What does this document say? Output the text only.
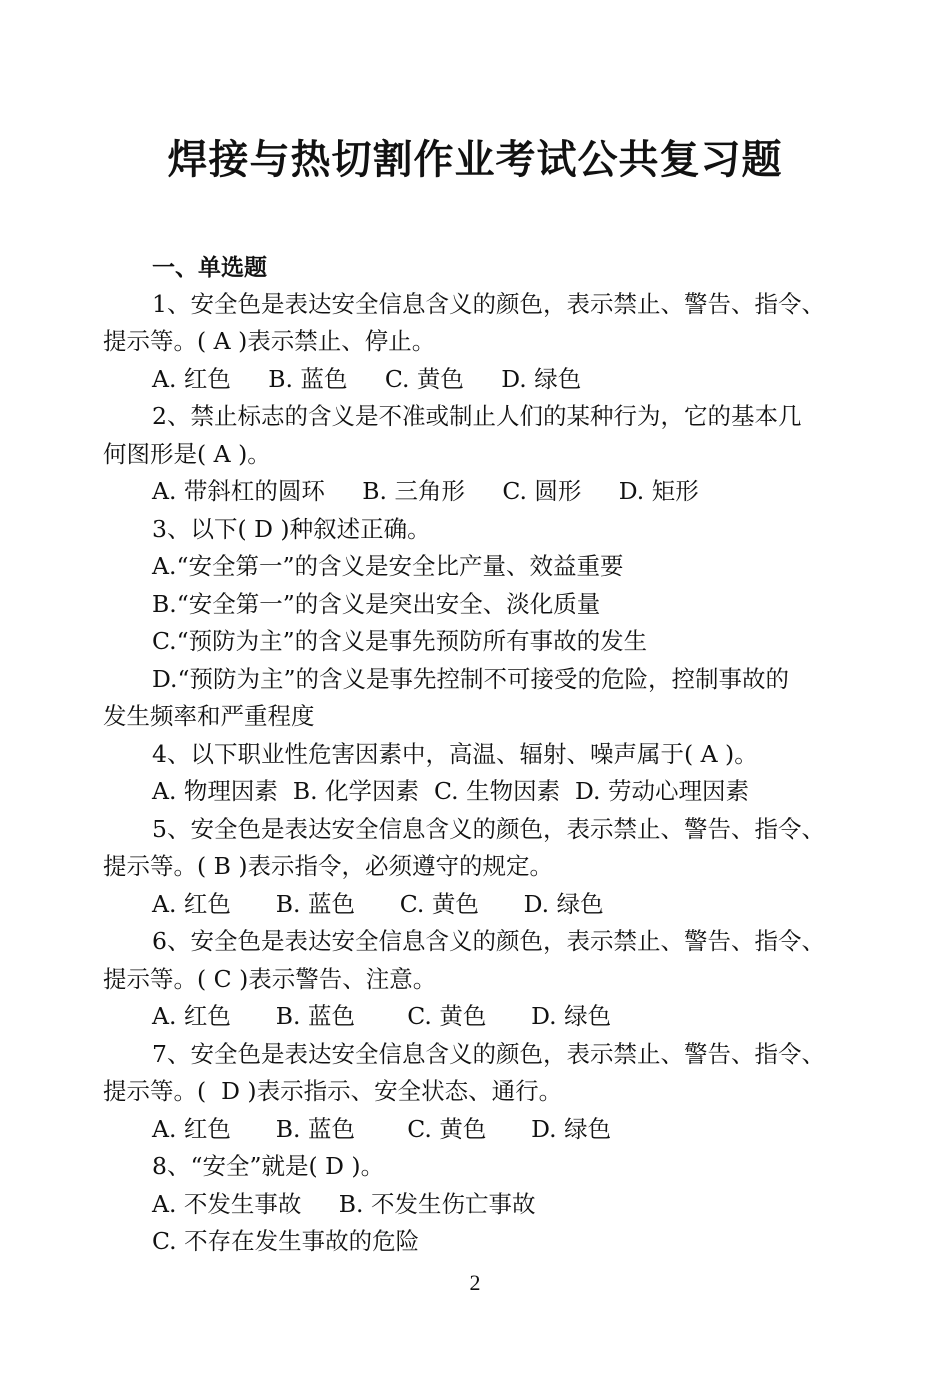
焊接与热切割作业考试公共复习题
一、单选题
1、安全色是表达安全信息含义的颜色，表示禁止、警告、指令、
提示等。( A )表示禁止、停止。
A. 红色     B. 蓝色     C. 黄色     D. 绿色
2、禁止标志的含义是不准或制止人们的某种行为，它的基本几
何图形是( A )。
A. 带斜杠的圆环     B. 三角形     C. 圆形     D. 矩形
3、以下( D )种叙述正确。
A.“安全第一”的含义是安全比产量、效益重要
B.“安全第一”的含义是突出安全、淡化质量
C.“预防为主”的含义是事先预防所有事故的发生
D.“预防为主”的含义是事先控制不可接受的危险，控制事故的
发生频率和严重程度
4、以下职业性危害因素中，高温、辐射、噪声属于( A )。
A. 物理因素  B. 化学因素  C. 生物因素  D. 劳动心理因素
5、安全色是表达安全信息含义的颜色，表示禁止、警告、指令、
提示等。( B )表示指令，必须遵守的规定。
A. 红色      B. 蓝色      C. 黄色      D. 绿色
6、安全色是表达安全信息含义的颜色，表示禁止、警告、指令、
提示等。( C )表示警告、注意。
A. 红色      B. 蓝色       C. 黄色      D. 绿色
7、安全色是表达安全信息含义的颜色，表示禁止、警告、指令、
提示等。(  D )表示指示、安全状态、通行。
A. 红色      B. 蓝色       C. 黄色      D. 绿色
8、“安全”就是( D )。
A. 不发生事故     B. 不发生伤亡事故
C. 不存在发生事故的危险
2
